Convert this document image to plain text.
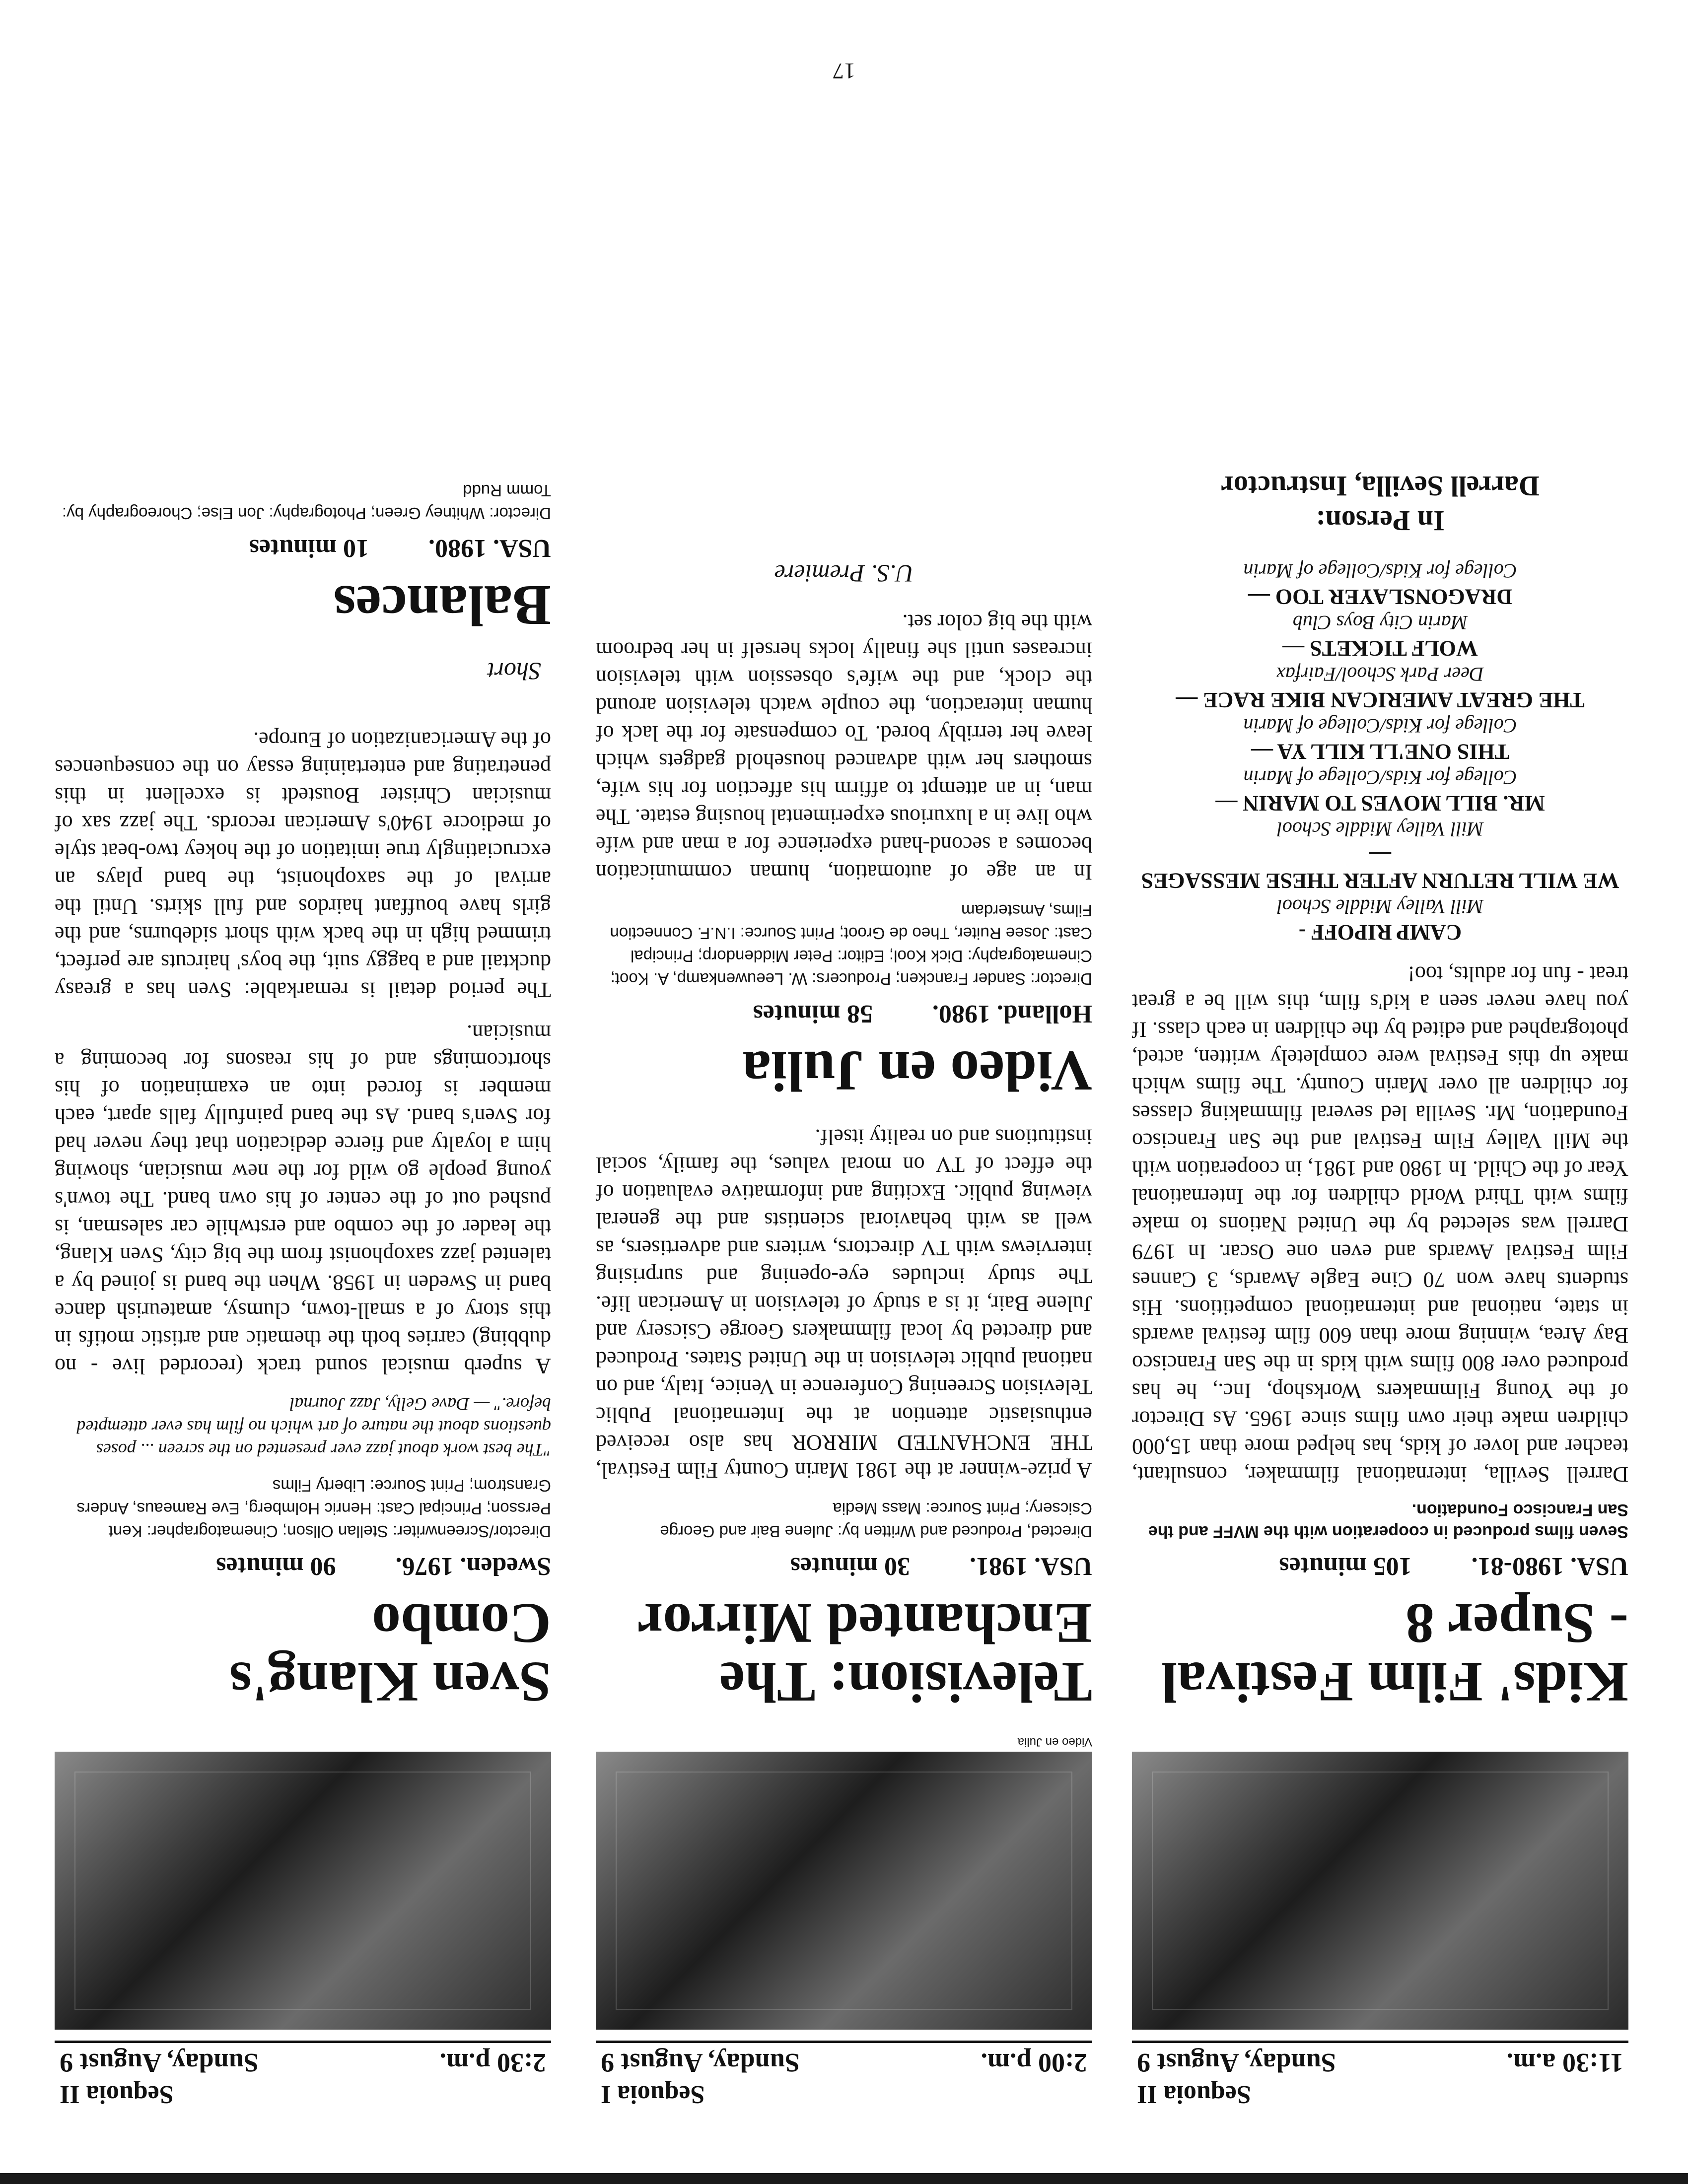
Sequoia II
11:30 a.m.
Sunday, August 9
Kids' Film Festival - Super 8
USA. 1980-81.
105 minutes
Seven films produced in cooperation with the MVFF and the San Francisco Foundation.

Darrell Sevilla, international filmmaker, consultant, teacher and lover of kids, has helped more than 15,000 children make their own films since 1965. As Director of the Young Filmmakers Workshop, Inc., he has produced over 800 films with kids in the San Francisco Bay Area, winning more than 600 film festival awards in state, national and international competitions. His students have won 70 Cine Eagle Awards, 3 Cannes Film Festival Awards and even one Oscar. In 1979 Darrell was selected by the United Nations to make films with Third World children for the International Year of the Child. In 1980 and 1981, in cooperation with the Mill Valley Film Festival and the San Francisco Foundation, Mr. Sevilla led several filmmaking classes for children all over Marin County. The films which make up this Festival were completely written, acted, photographed and edited by the children in each class. If you have never seen a kid's film, this will be a great treat - fun for adults, too!

CAMP RIPOFF -
Mill Valley Middle School
WE WILL RETURN AFTER THESE MESSAGES —
Mill Valley Middle School
MR. BILL MOVES TO MARIN —
College for Kids/College of Marin
THIS ONE'LL KILL YA —
College for Kids/College of Marin
THE GREAT AMERICAN BIKE RACE —
Deer Park School/Fairfax
WOLF TICKETS —
Marin City Boys Club
DRAGONSLAYER TOO —
College for Kids/College of Marin
In Person:
Darrell Sevilla, Instructor
Sequoia I
2:00 p.m.
Sunday, August 9
Video en Julia
Television: The Enchanted Mirror
USA. 1981.
30 minutes
Directed, Produced and Written by: Julene Bair and George Csicsery; Print Source: Mass Media

A prize-winner at the 1981 Marin County Film Festival, THE ENCHANTED MIRROR has also received enthusiastic attention at the International Public Television Screening Conference in Venice, Italy, and on national public television in the United States. Produced and directed by local filmmakers George Csicsery and Julene Bair, it is a study of television in American life. The study includes eye-opening and surprising interviews with TV directors, writers and advertisers, as well as with behavioral scientists and the general viewing public. Exciting and informative evaluation of the effect of TV on moral values, the family, social institutions and on reality itself.

Video en Julia
Holland. 1980.
58 minutes
Director: Sander Francken; Producers: W. Leeuwenkamp, A. Koot; Cinematography: Dick Kool; Editor: Peter Middendorp; Principal Cast: Josee Ruiter, Theo de Groot; Print Source: I.N.F. Connection Films, Amsterdam

In an age of automation, human communication becomes a second-hand experience for a man and wife who live in a luxurious experimental housing estate. The man, in an attempt to affirm his affection for his wife, smothers her with advanced household gadgets which leave her terribly bored. To compensate for the lack of human interaction, the couple watch television around the clock, and the wife's obsession with television increases until she finally locks herself in her bedroom with the big color set.

U.S. Premiere
Sequoia II
2:30 p.m.
Sunday, August 9
Sven Klang's Combo
Sweden. 1976.
90 minutes
Director/Screenwriter: Stellan Ollson; Cinematographer: Kent Persson; Principal Cast: Henric Holmberg, Eve Rameaus, Anders Granstrom; Print Source: Liberty Films
"The best work about jazz ever presented on the screen ... poses questions about the nature of art which no film has ever attempted before." — Dave Gelly, Jazz Journal

A superb musical sound track (recorded live - no dubbing) carries both the thematic and artistic motifs in this story of a small-town, clumsy, amateurish dance band in Sweden in 1958. When the band is joined by a talented jazz saxophonist from the big city, Sven Klang, the leader of the combo and erstwhile car salesman, is pushed out of the center of his own band. The town's young people go wild for the new musician, showing him a loyalty and fierce dedication that they never had for Sven's band. As the band painfully falls apart, each member is forced into an examination of his shortcomings and of his reasons for becoming a musician.

The period detail is remarkable: Sven has a greasy ducktail and a baggy suit, the boys' haircuts are perfect, trimmed high in the back with short sideburns, and the girls have bouffant hairdos and full skirts. Until the arrival of the saxophonist, the band plays an excruciatingly true imitation of the hokey two-beat style of mediocre 1940's American records. The jazz sax of musician Christer Boustedt is excellent in this penetrating and entertaining essay on the consequences of the Americanization of Europe.

Short
Balances
USA. 1980.
10 minutes
Director: Whitney Green; Photography: Jon Else; Choreography by: Tomm Rudd
17
